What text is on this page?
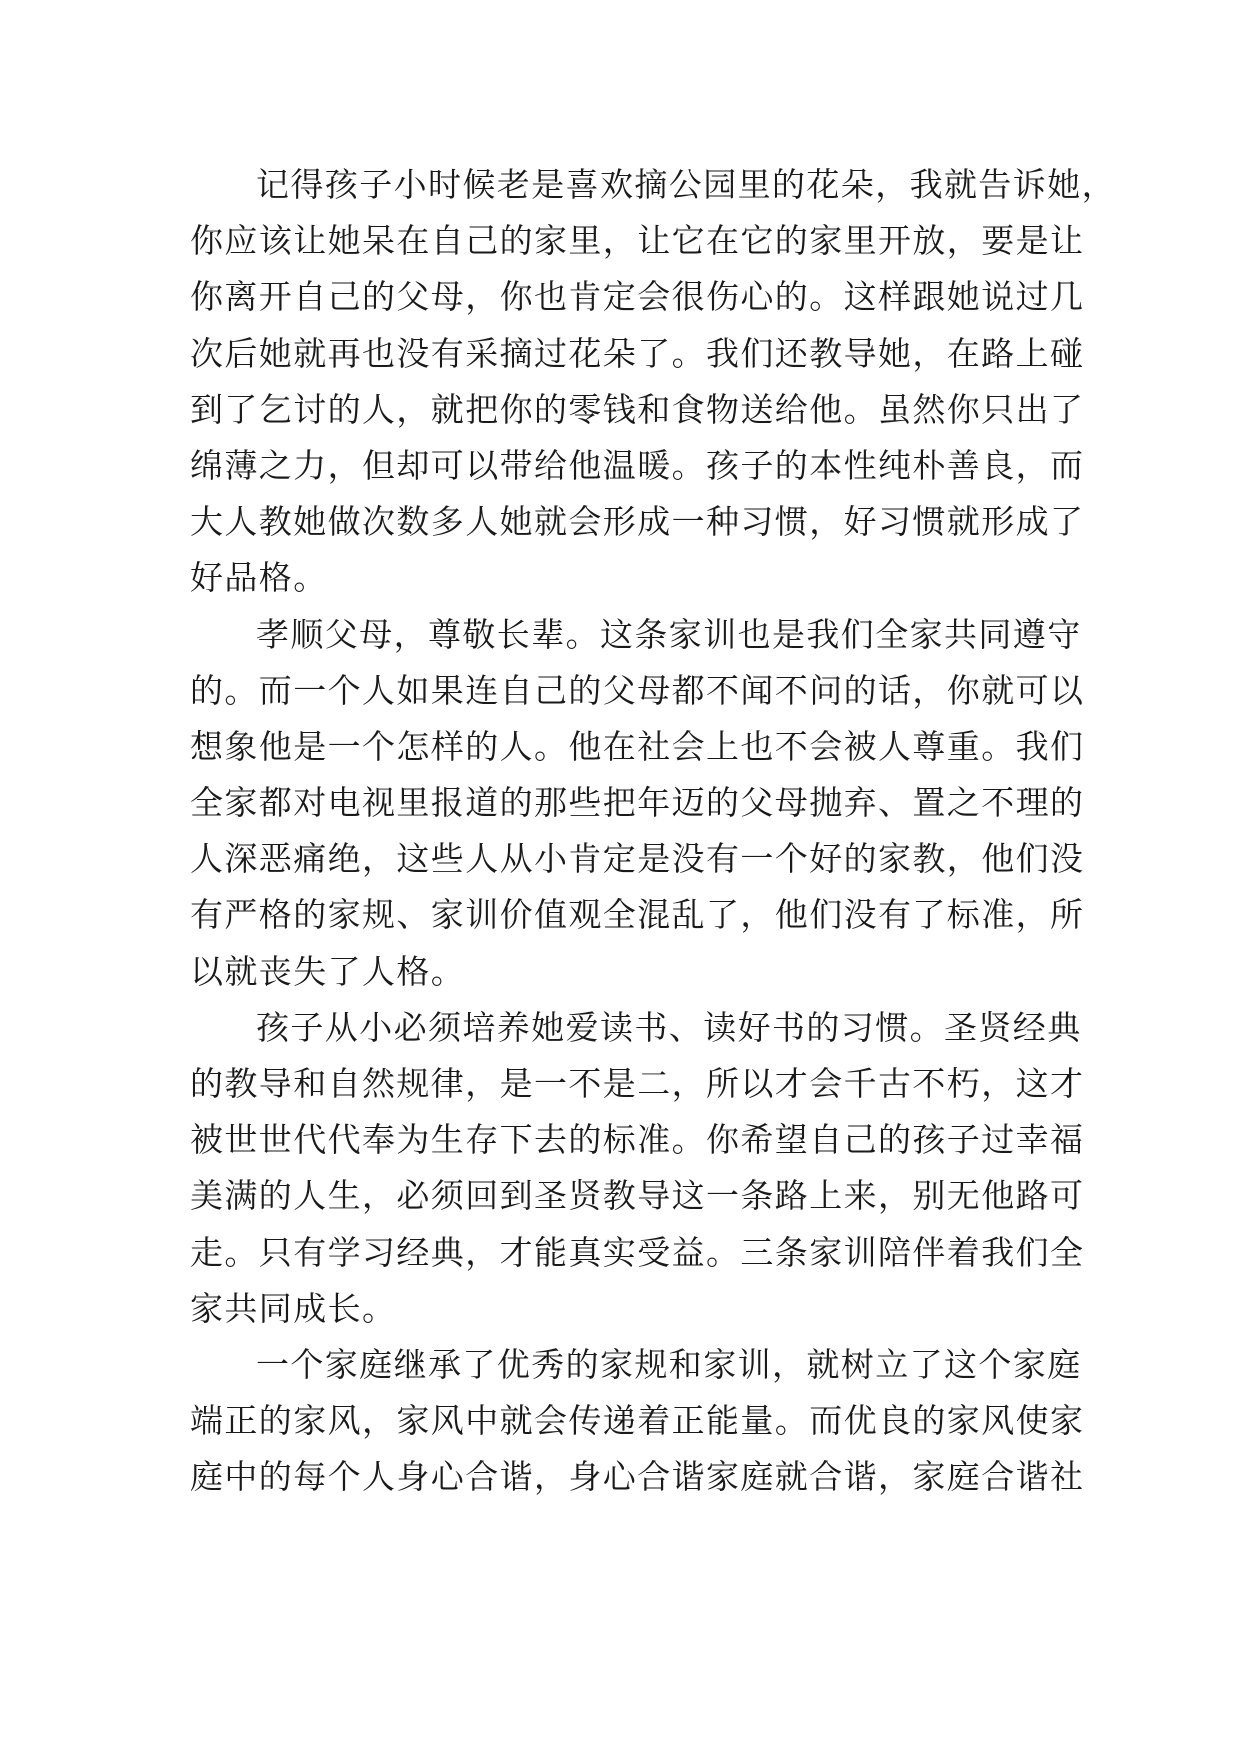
记得孩子小时候老是喜欢摘公园里的花朵，我就告诉她，
你应该让她呆在自己的家里，让它在它的家里开放，要是让
你离开自己的父母，你也肯定会很伤心的。这样跟她说过几
次后她就再也没有采摘过花朵了。我们还教导她，在路上碰
到了乞讨的人，就把你的零钱和食物送给他。虽然你只出了
绵薄之力，但却可以带给他温暖。孩子的本性纯朴善良，而
大人教她做次数多人她就会形成一种习惯，好习惯就形成了
好品格。
孝顺父母，尊敬长辈。这条家训也是我们全家共同遵守
的。而一个人如果连自己的父母都不闻不问的话，你就可以
想象他是一个怎样的人。他在社会上也不会被人尊重。我们
全家都对电视里报道的那些把年迈的父母抛弃、置之不理的
人深恶痛绝，这些人从小肯定是没有一个好的家教，他们没
有严格的家规、家训价值观全混乱了，他们没有了标准，所
以就丧失了人格。
孩子从小必须培养她爱读书、读好书的习惯。圣贤经典
的教导和自然规律，是一不是二，所以才会千古不朽，这才
被世世代代奉为生存下去的标准。你希望自己的孩子过幸福
美满的人生，必须回到圣贤教导这一条路上来，别无他路可
走。只有学习经典，才能真实受益。三条家训陪伴着我们全
家共同成长。
一个家庭继承了优秀的家规和家训，就树立了这个家庭
端正的家风，家风中就会传递着正能量。而优良的家风使家
庭中的每个人身心合谐，身心合谐家庭就合谐，家庭合谐社
